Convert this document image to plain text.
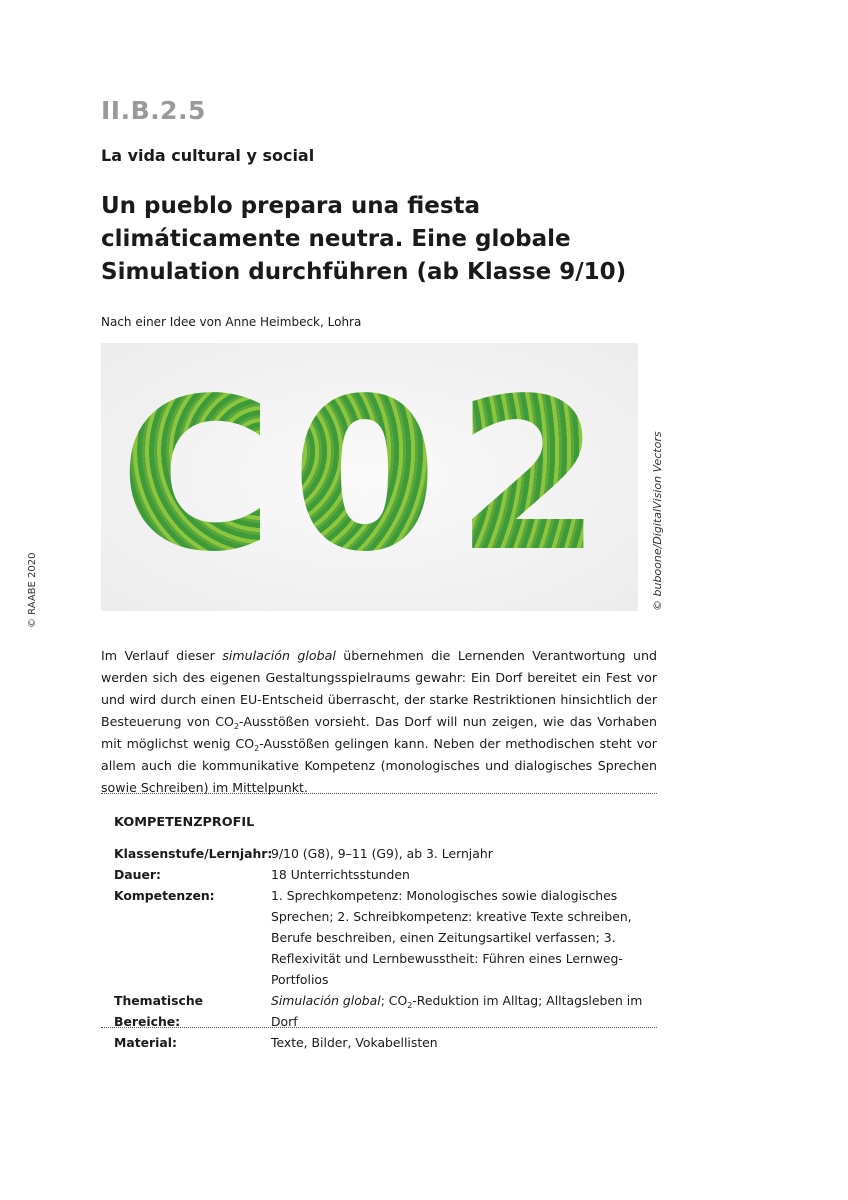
II.B.2.5
La vida cultural y social
Un pueblo prepara una fiesta climáticamente neutra. Eine globale Simulation durchführen (ab Klasse 9/10)
Nach einer Idee von Anne Heimbeck, Lohra
C02	© buboone/DigitalVision Vectors
© RAABE 2020
Im Verlauf dieser simulación global übernehmen die Lernenden Verantwortung und werden sich des eigenen Gestaltungsspielraums gewahr: Ein Dorf bereitet ein Fest vor und wird durch einen EU-Entscheid überrascht, der starke Restriktionen hinsichtlich der Besteuerung von $CO_2$-Ausstößen vorsieht. Das Dorf will nun zeigen, wie das Vorhaben mit möglichst wenig $CO_2$-Ausstößen gelingen kann. Neben der methodischen steht vor allem auch die kommunikative Kompetenz (monologisches und dialogisches Sprechen sowie Schreiben) im Mittelpunkt.
KOMPETENZPROFIL
Klassenstufe/Lernjahr:
9/10 (G8), 9–11 (G9), ab 3. Lernjahr
Dauer:	18 Unterrichtsstunden
Kompetenzen:	1. Sprechkompetenz: Monologisches sowie dialogisches Sprechen; 2. Schreibkompetenz: kreative Texte schreiben, Berufe beschreiben, einen Zeitungsartikel verfassen; 3. Reflexivität und Lernbewusstheit: Führen eines Lernweg-Portfolios
Thematische Bereiche:
Simulación global; $CO_2$-Reduktion im Alltag; Alltagsleben im Dorf
Material:	Texte, Bilder, Vokabellisten
